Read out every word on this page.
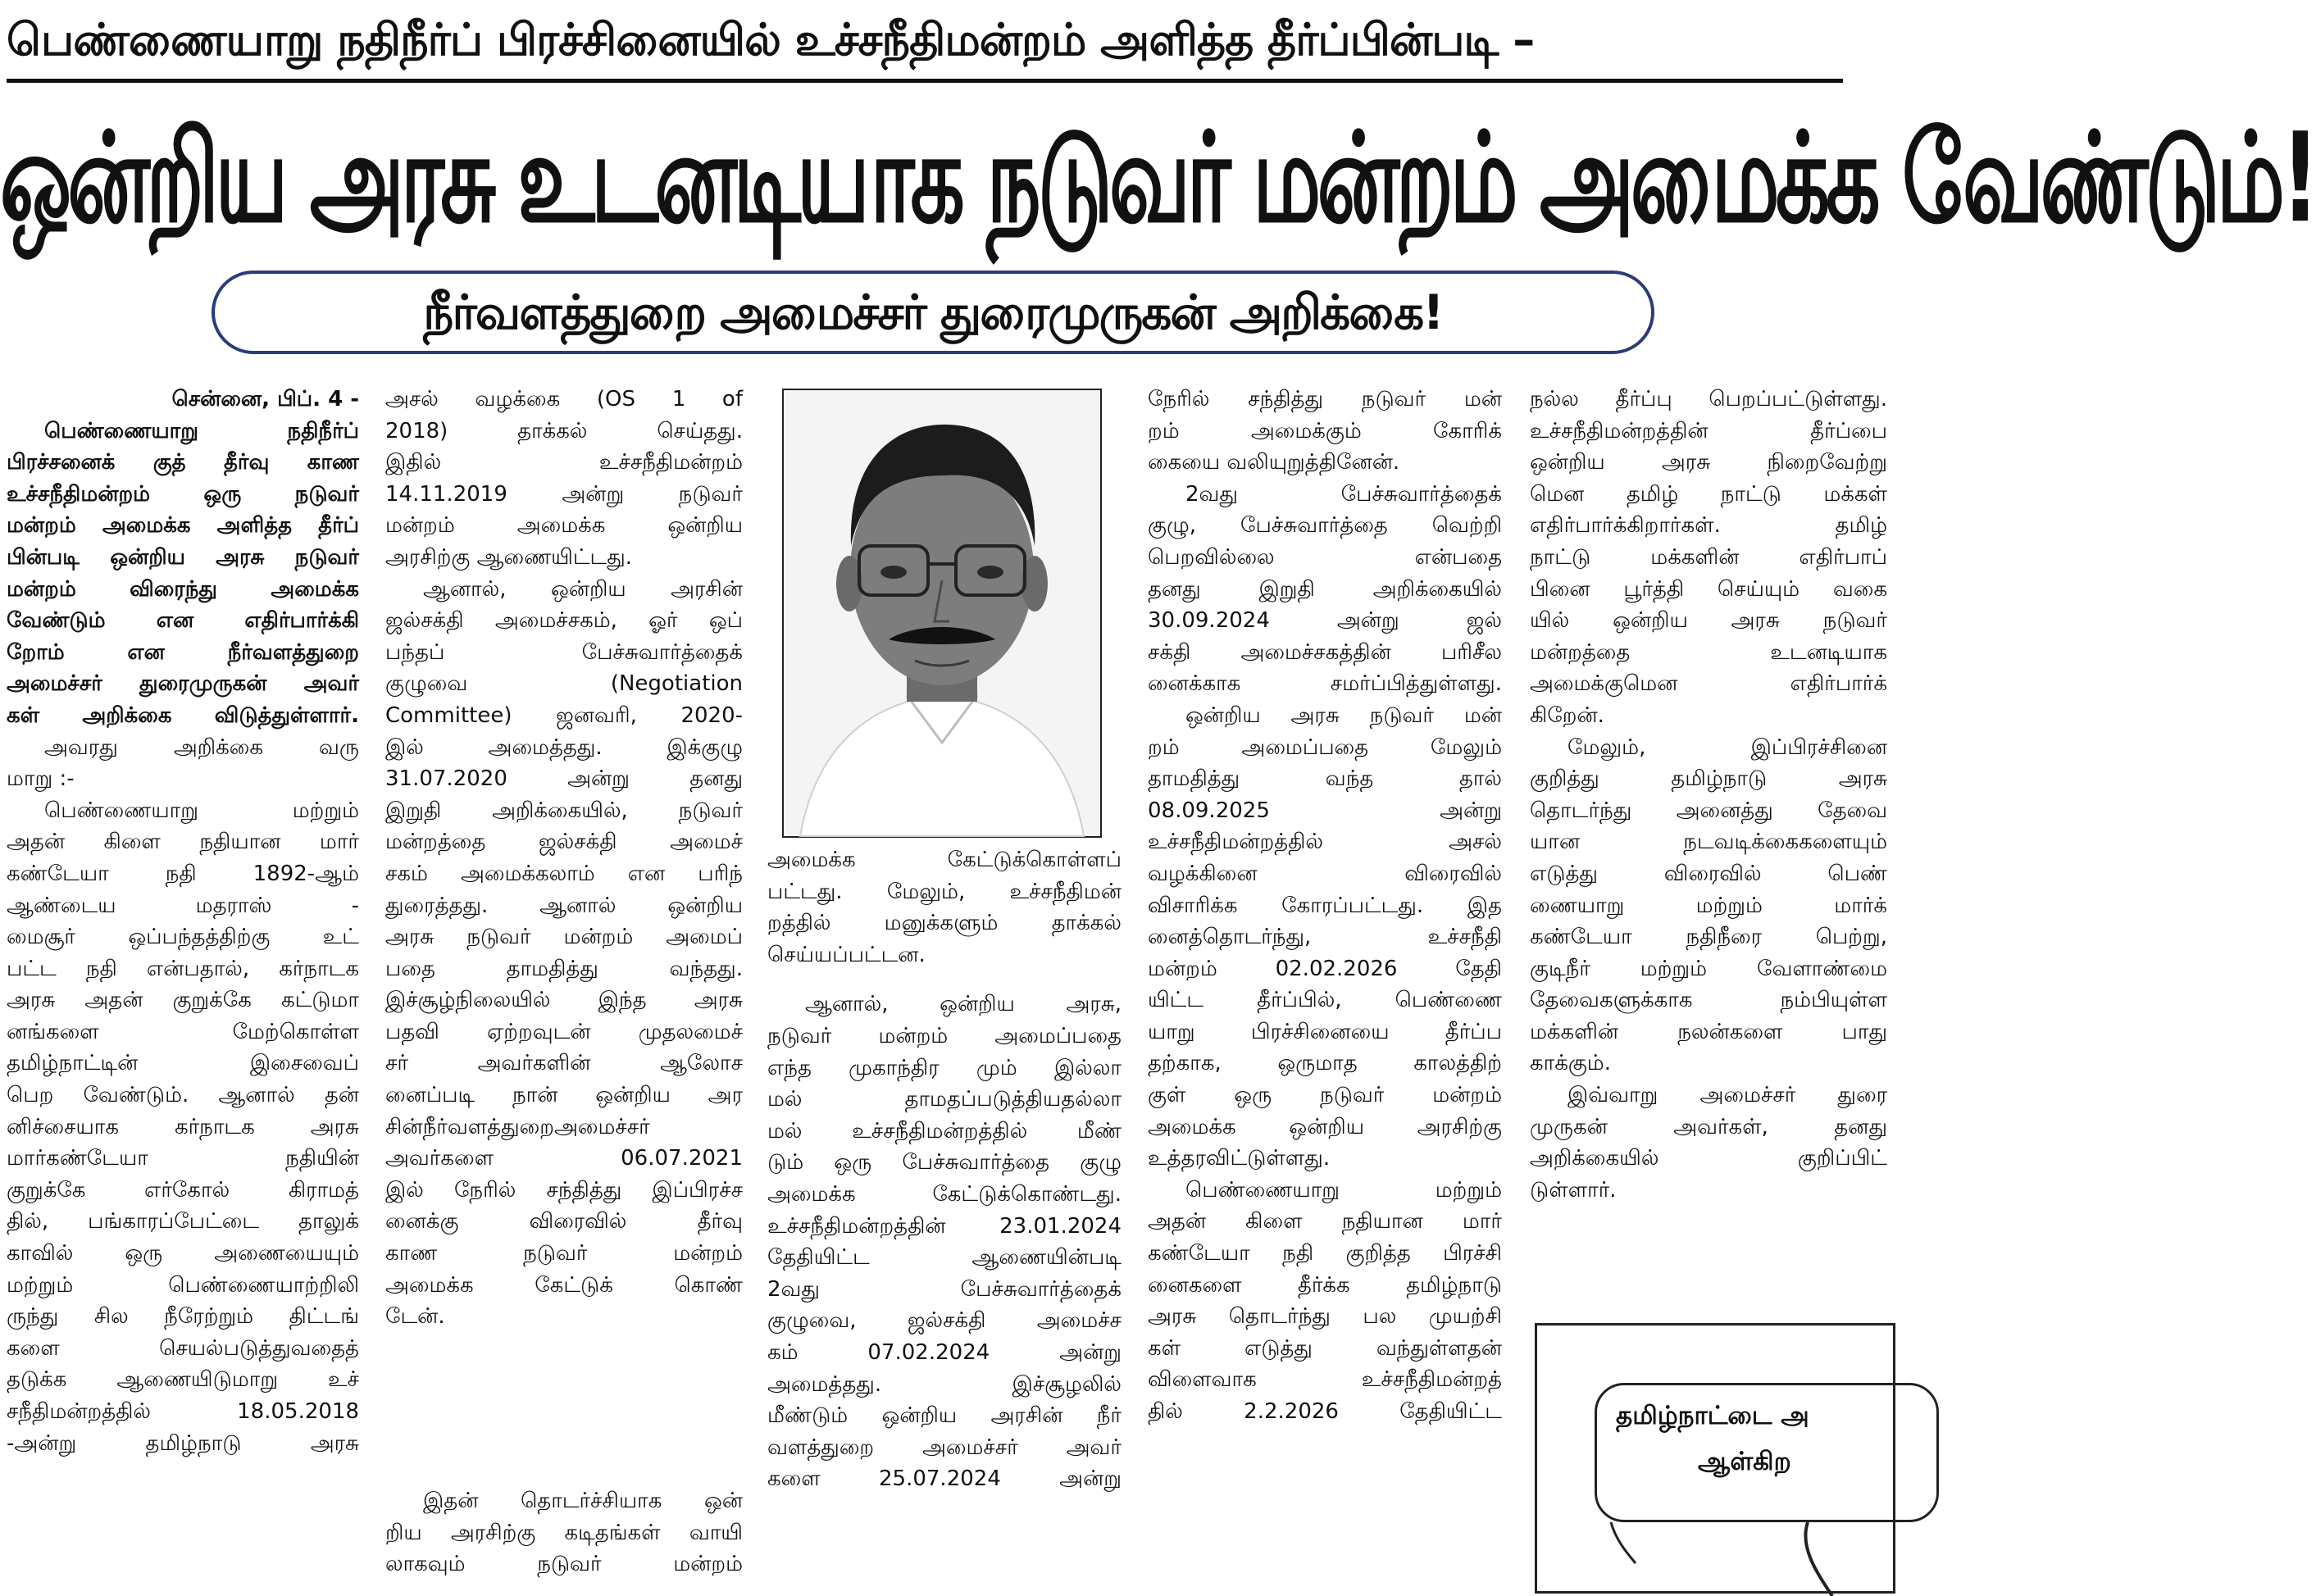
பெண்ணையாறு நதிநீர்ப் பிரச்சினையில் உச்சநீதிமன்றம் அளித்த தீர்ப்பின்படி –
ஒன்றிய அரசு உடனடியாக நடுவர் மன்றம் அமைக்க வேண்டும்!
நீர்வளத்துறை அமைச்சர் துரைமுருகன் அறிக்கை!
சென்னை, பிப். 4 -
பெண்ணையாறு நதிநீர்ப்
பிரச்சனைக் குத் தீர்வு காண
உச்சநீதிமன்றம் ஒரு நடுவர்
மன்றம் அமைக்க அளித்த தீர்ப்
பின்படி ஒன்றிய அரசு நடுவர்
மன்றம் விரைந்து அமைக்க
வேண்டும் என எதிர்பார்க்கி
றோம் என நீர்வளத்துறை
அமைச்சர் துரைமுருகன் அவர்
கள் அறிக்கை விடுத்துள்ளார்.
அவரது அறிக்கை வரு
மாறு :-
பெண்ணையாறு மற்றும்
அதன் கிளை நதியான மார்
கண்டேயா நதி 1892-ஆம்
ஆண்டைய மதராஸ் -
மைசூர் ஒப்பந்தத்திற்கு உட்
பட்ட நதி என்பதால், கர்நாடக
அரசு அதன் குறுக்கே கட்டுமா
னங்களை மேற்கொள்ள
தமிழ்நாட்டின் இசைவைப்
பெற வேண்டும். ஆனால் தன்
னிச்சையாக கர்நாடக அரசு
மார்கண்டேயா நதியின்
குறுக்கே எர்கோல் கிராமத்
தில், பங்காரப்பேட்டை தாலுக்
காவில் ஒரு அணையையும்
மற்றும் பெண்ணையாற்றிலி
ருந்து சில நீரேற்றும் திட்டங்
களை செயல்படுத்துவதைத்
தடுக்க ஆணையிடுமாறு உச்
சநீதிமன்றத்தில் 18.05.2018
-அன்று தமிழ்நாடு அரசு
அசல் வழக்கை (OS 1 of
2018) தாக்கல் செய்தது.
இதில் உச்சநீதிமன்றம்
14.11.2019 அன்று நடுவர்
மன்றம் அமைக்க ஒன்றிய
அரசிற்கு ஆணையிட்டது.
ஆனால், ஒன்றிய அரசின்
ஜல்சக்தி அமைச்சகம், ஓர் ஒப்
பந்தப் பேச்சுவார்த்தைக்
குழுவை (Negotiation
Committee) ஜனவரி, 2020-
இல் அமைத்தது. இக்குழு
31.07.2020 அன்று தனது
இறுதி அறிக்கையில், நடுவர்
மன்றத்தை ஜல்சக்தி அமைச்
சகம் அமைக்கலாம் என பரிந்
துரைத்தது. ஆனால் ஒன்றிய
அரசு நடுவர் மன்றம் அமைப்
பதை தாமதித்து வந்தது.
இச்சூழ்நிலையில் இந்த அரசு
பதவி ஏற்றவுடன் முதலமைச்
சர் அவர்களின் ஆலோச
னைப்படி நான் ஒன்றிய அர
சின்நீர்வளத்துறைஅமைச்சர்
அவர்களை 06.07.2021
இல் நேரில் சந்தித்து இப்பிரச்ச
னைக்கு விரைவில் தீர்வு
காண நடுவர் மன்றம்
அமைக்க கேட்டுக் கொண்
டேன்.
இதன் தொடர்ச்சியாக ஒன்
றிய அரசிற்கு கடிதங்கள் வாயி
லாகவும் நடுவர் மன்றம்
அமைக்க கேட்டுக்கொள்ளப்
பட்டது. மேலும், உச்சநீதிமன்
றத்தில் மனுக்களும் தாக்கல்
செய்யப்பட்டன.
ஆனால், ஒன்றிய அரசு,
நடுவர் மன்றம் அமைப்பதை
எந்த முகாந்திர மும் இல்லா
மல் தாமதப்படுத்தியதல்லா
மல் உச்சநீதிமன்றத்தில் மீண்
டும் ஒரு பேச்சுவார்த்தை குழு
அமைக்க கேட்டுக்கொண்டது.
உச்சநீதிமன்றத்தின் 23.01.2024
தேதியிட்ட ஆணையின்படி
2வது பேச்சுவார்த்தைக்
குழுவை, ஜல்சக்தி அமைச்ச
கம் 07.02.2024 அன்று
அமைத்தது. இச்சூழலில்
மீண்டும் ஒன்றிய அரசின் நீர்
வளத்துறை அமைச்சர் அவர்
களை 25.07.2024 அன்று
நேரில் சந்தித்து நடுவர் மன்
றம் அமைக்கும் கோரிக்
கையை வலியுறுத்தினேன்.
2வது பேச்சுவார்த்தைக்
குழு, பேச்சுவார்த்தை வெற்றி
பெறவில்லை என்பதை
தனது இறுதி அறிக்கையில்
30.09.2024 அன்று ஜல்
சக்தி அமைச்சகத்தின் பரிசீல
னைக்காக சமர்ப்பித்துள்ளது.
ஒன்றிய அரசு நடுவர் மன்
றம் அமைப்பதை மேலும்
தாமதித்து வந்த தால்
08.09.2025 அன்று
உச்சநீதிமன்றத்தில் அசல்
வழக்கினை விரைவில்
விசாரிக்க கோரப்பட்டது. இத
னைத்தொடர்ந்து, உச்சநீதி
மன்றம் 02.02.2026 தேதி
யிட்ட தீர்ப்பில், பெண்ணை
யாறு பிரச்சினையை தீர்ப்ப
தற்காக, ஒருமாத காலத்திற்
குள் ஒரு நடுவர் மன்றம்
அமைக்க ஒன்றிய அரசிற்கு
உத்தரவிட்டுள்ளது.
பெண்ணையாறு மற்றும்
அதன் கிளை நதியான மார்
கண்டேயா நதி குறித்த பிரச்சி
னைகளை தீர்க்க தமிழ்நாடு
அரசு தொடர்ந்து பல முயற்சி
கள் எடுத்து வந்துள்ளதன்
விளைவாக உச்சநீதிமன்றத்
தில் 2.2.2026 தேதியிட்ட
நல்ல தீர்ப்பு பெறப்பட்டுள்ளது.
உச்சநீதிமன்றத்தின் தீர்ப்பை
ஒன்றிய அரசு நிறைவேற்று
மென தமிழ் நாட்டு மக்கள்
எதிர்பார்க்கிறார்கள். தமிழ்
நாட்டு மக்களின் எதிர்பாப்
பினை பூர்த்தி செய்யும் வகை
யில் ஒன்றிய அரசு நடுவர்
மன்றத்தை உடனடியாக
அமைக்குமென எதிர்பார்க்
கிறேன்.
மேலும், இப்பிரச்சினை
குறித்து தமிழ்நாடு அரசு
தொடர்ந்து அனைத்து தேவை
யான நடவடிக்கைகளையும்
எடுத்து விரைவில் பெண்
ணையாறு மற்றும் மார்க்
கண்டேயா நதிநீரை பெற்று,
குடிநீர் மற்றும் வேளாண்மை
தேவைகளுக்காக நம்பியுள்ள
மக்களின் நலன்களை பாது
காக்கும்.
இவ்வாறு அமைச்சர் துரை
முருகன் அவர்கள், தனது
அறிக்கையில் குறிப்பிட்
டுள்ளார்.
தமிழ்நாட்டை அ
ஆள்கிற
